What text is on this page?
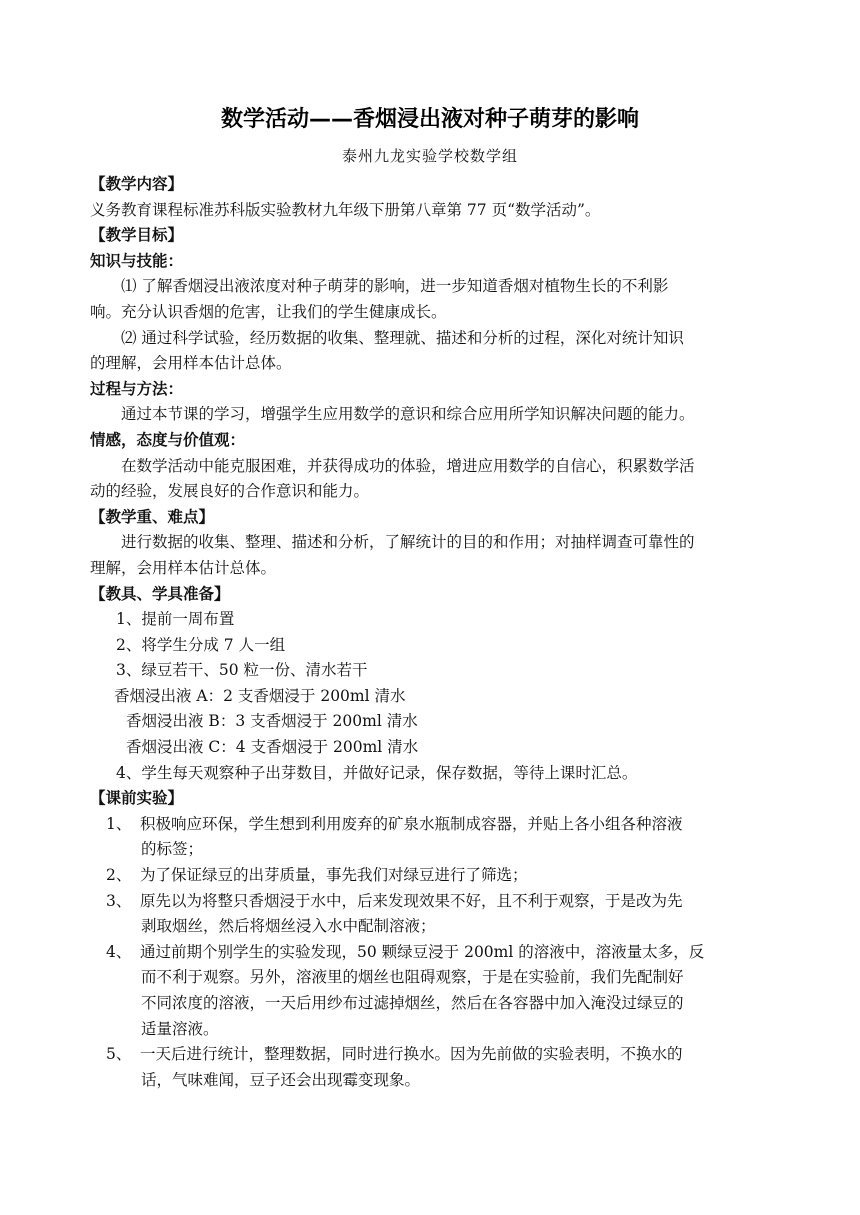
数学活动——香烟浸出液对种子萌芽的影响
泰州九龙实验学校数学组
【教学内容】
义务教育课程标准苏科版实验教材九年级下册第八章第 77 页“数学活动”。
【教学目标】
知识与技能：
⑴ 了解香烟浸出液浓度对种子萌芽的影响，进一步知道香烟对植物生长的不利影
响。充分认识香烟的危害，让我们的学生健康成长。
⑵ 通过科学试验，经历数据的收集、整理就、描述和分析的过程，深化对统计知识
的理解，会用样本估计总体。
过程与方法：
通过本节课的学习，增强学生应用数学的意识和综合应用所学知识解决问题的能力。
情感，态度与价值观：
在数学活动中能克服困难，并获得成功的体验，增进应用数学的自信心，积累数学活
动的经验，发展良好的合作意识和能力。
【教学重、难点】
进行数据的收集、整理、描述和分析，了解统计的目的和作用；对抽样调查可靠性的
理解，会用样本估计总体。
【教具、学具准备】
1、提前一周布置
2、将学生分成 7 人一组
3、绿豆若干、50 粒一份、清水若干
香烟浸出液 A：2 支香烟浸于 200ml 清水
香烟浸出液 B：3 支香烟浸于 200ml 清水
香烟浸出液 C：4 支香烟浸于 200ml 清水
4、学生每天观察种子出芽数目，并做好记录，保存数据，等待上课时汇总。
【课前实验】
1、 积极响应环保，学生想到利用废弃的矿泉水瓶制成容器，并贴上各小组各种溶液
的标签；
2、 为了保证绿豆的出芽质量，事先我们对绿豆进行了筛选；
3、 原先以为将整只香烟浸于水中，后来发现效果不好，且不利于观察，于是改为先
剥取烟丝，然后将烟丝浸入水中配制溶液；
4、 通过前期个别学生的实验发现，50 颗绿豆浸于 200ml 的溶液中，溶液量太多，反
而不利于观察。另外，溶液里的烟丝也阻碍观察，于是在实验前，我们先配制好
不同浓度的溶液，一天后用纱布过滤掉烟丝，然后在各容器中加入淹没过绿豆的
适量溶液。
5、 一天后进行统计，整理数据，同时进行换水。因为先前做的实验表明，不换水的
话，气味难闻，豆子还会出现霉变现象。
